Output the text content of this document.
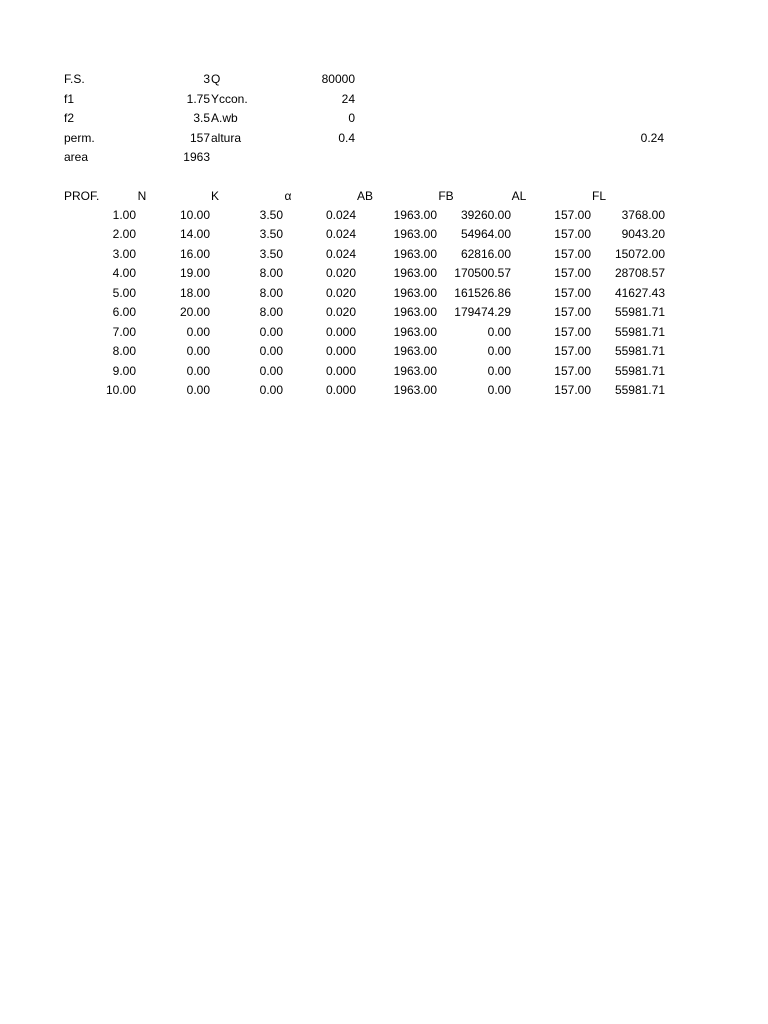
F.S.	3 Q	80000
f1	1.75 Yccon.	24
f2	3.5 A.wb	0
perm.	157 altura	0.4	0.24
area	1963
PROF.	N	K	α	AB	FB	AL	FL
1.00	10.00	3.50	0.024	1963.00	39260.00	157.00	3768.00
2.00	14.00	3.50	0.024	1963.00	54964.00	157.00	9043.20
3.00	16.00	3.50	0.024	1963.00	62816.00	157.00	15072.00
4.00	19.00	8.00	0.020	1963.00	170500.57	157.00	28708.57
5.00	18.00	8.00	0.020	1963.00	161526.86	157.00	41627.43
6.00	20.00	8.00	0.020	1963.00	179474.29	157.00	55981.71
7.00	0.00	0.00	0.000	1963.00	0.00	157.00	55981.71
8.00	0.00	0.00	0.000	1963.00	0.00	157.00	55981.71
9.00	0.00	0.00	0.000	1963.00	0.00	157.00	55981.71
10.00	0.00	0.00	0.000	1963.00	0.00	157.00	55981.71
